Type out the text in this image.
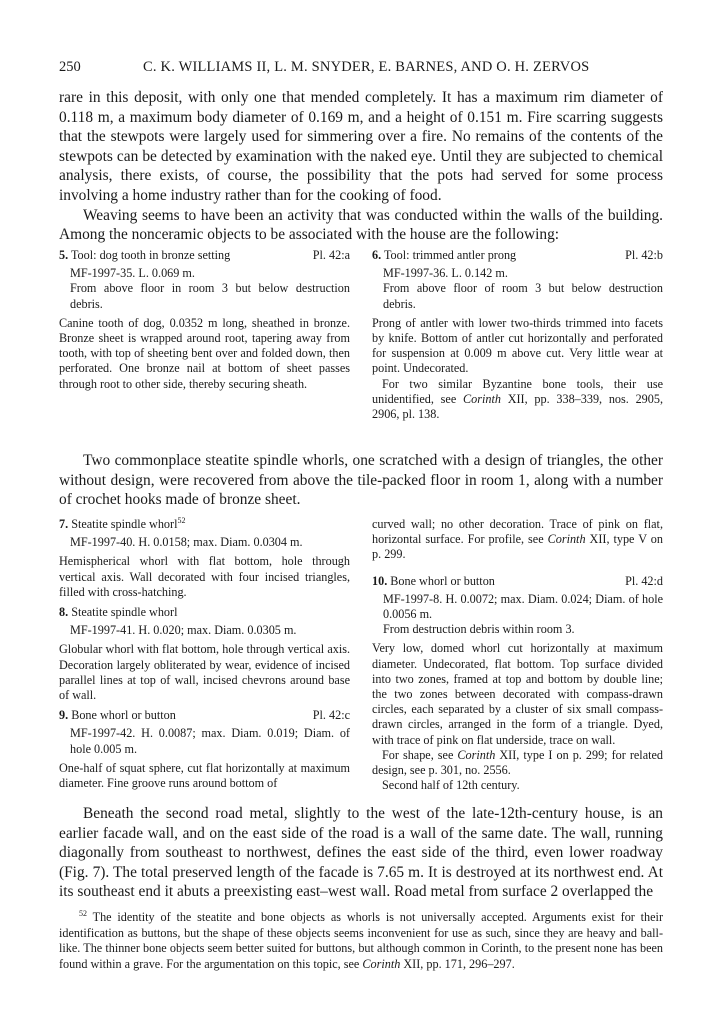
250	C. K. WILLIAMS II, L. M. SNYDER, E. BARNES, AND O. H. ZERVOS

rare in this deposit, with only one that mended completely. It has a maximum rim diameter of 0.118 m, a maximum body diameter of 0.169 m, and a height of 0.151 m. Fire scarring suggests that the stewpots were largely used for simmering over a fire. No remains of the contents of the stewpots can be detected by examination with the naked eye. Until they are subjected to chemical analysis, there exists, of course, the possibility that the pots had served for some process involving a home industry rather than for the cooking of food.

Weaving seems to have been an activity that was conducted within the walls of the building. Among the nonceramic objects to be associated with the house are the following:

5. Tool: dog tooth in bronze setting	Pl. 42:a

MF-1997-35. L. 0.069 m.

From above floor in room 3 but below destruction debris.

Canine tooth of dog, 0.0352 m long, sheathed in bronze. Bronze sheet is wrapped around root, tapering away from tooth, with top of sheeting bent over and folded down, then perforated. One bronze nail at bottom of sheet passes through root to other side, thereby securing sheath.

6. Tool: trimmed antler prong	Pl. 42:b

MF-1997-36. L. 0.142 m.

From above floor of room 3 but below destruction debris.

Prong of antler with lower two-thirds trimmed into facets by knife. Bottom of antler cut horizontally and perforated for suspension at 0.009 m above cut. Very little wear at point. Undecorated.

For two similar Byzantine bone tools, their use unidentified, see Corinth XII, pp. 338–339, nos. 2905, 2906, pl. 138.

Two commonplace steatite spindle whorls, one scratched with a design of triangles, the other without design, were recovered from above the tile-packed floor in room 1, along with a number of crochet hooks made of bronze sheet.

7. Steatite spindle whorl$^{52}$

MF-1997-40. H. 0.0158; max. Diam. 0.0304 m.

Hemispherical whorl with flat bottom, hole through vertical axis. Wall decorated with four incised triangles, filled with cross-hatching.

8. Steatite spindle whorl

MF-1997-41. H. 0.020; max. Diam. 0.0305 m.

Globular whorl with flat bottom, hole through vertical axis. Decoration largely obliterated by wear, evidence of incised parallel lines at top of wall, incised chevrons around base of wall.

9. Bone whorl or button	Pl. 42:c

MF-1997-42. H. 0.0087; max. Diam. 0.019; Diam. of hole 0.005 m.

One-half of squat sphere, cut flat horizontally at maximum diameter. Fine groove runs around bottom of

curved wall; no other decoration. Trace of pink on flat, horizontal surface. For profile, see Corinth XII, type V on p. 299.

10. Bone whorl or button	Pl. 42:d

MF-1997-8. H. 0.0072; max. Diam. 0.024; Diam. of hole 0.0056 m.

From destruction debris within room 3.

Very low, domed whorl cut horizontally at maximum diameter. Undecorated, flat bottom. Top surface divided into two zones, framed at top and bottom by double line; the two zones between decorated with compass-drawn circles, each separated by a cluster of six small compass-drawn circles, arranged in the form of a triangle. Dyed, with trace of pink on flat underside, trace on wall.

For shape, see Corinth XII, type I on p. 299; for related design, see p. 301, no. 2556.

Second half of 12th century.

Beneath the second road metal, slightly to the west of the late-12th-century house, is an earlier facade wall, and on the east side of the road is a wall of the same date. The wall, running diagonally from southeast to northwest, defines the east side of the third, even lower roadway (Fig. 7). The total preserved length of the facade is 7.65 m. It is destroyed at its northwest end. At its southeast end it abuts a preexisting east–west wall. Road metal from surface 2 overlapped the

$^{52}$ The identity of the steatite and bone objects as whorls is not universally accepted. Arguments exist for their identification as buttons, but the shape of these objects seems inconvenient for use as such, since they are heavy and ball-like. The thinner bone objects seem better suited for buttons, but although common in Corinth, to the present none has been found within a grave. For the argumentation on this topic, see Corinth XII, pp. 171, 296–297.
